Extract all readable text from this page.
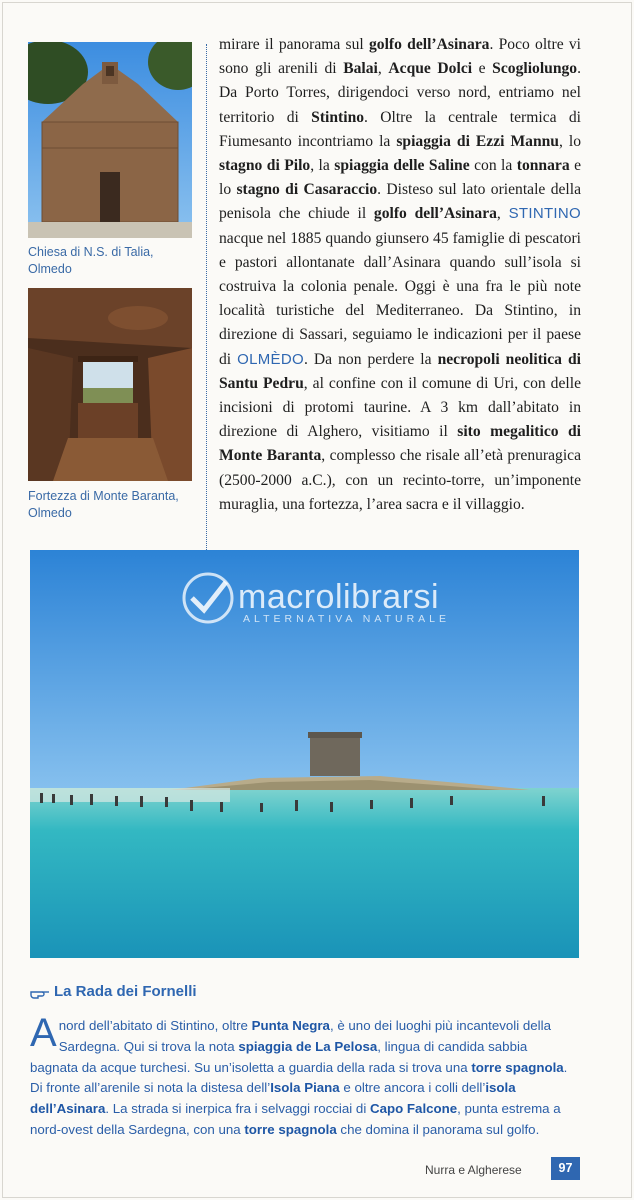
Chiesa di N.S. di Talia, Olmedo
Fortezza di Monte Baranta, Olmedo
mirare il panorama sul golfo dell’Asinara. Poco oltre vi sono gli arenili di Balai, Acque Dolci e Scogliolungo. Da Porto Torres, dirigendoci verso nord, entriamo nel territorio di Stintino. Oltre la centrale termica di Fiumesanto incontriamo la spiaggia di Ezzi Mannu, lo stagno di Pilo, la spiaggia delle Saline con la tonnara e lo stagno di Casaraccio. Disteso sul lato orientale della penisola che chiude il golfo dell’Asinara, STINTINO nacque nel 1885 quando giunsero 45 famiglie di pescatori e pastori allontanate dall’Asinara quando sull’isola si costruiva la colonia penale. Oggi è una fra le più note località turistiche del Mediterraneo. Da Stintino, in direzione di Sassari, seguiamo le indicazioni per il paese di OLMÈDO. Da non perdere la necropoli neolitica di Santu Pedru, al confine con il comune di Uri, con delle incisioni di protomi taurine. A 3 km dall’abitato in direzione di Alghero, visitiamo il sito megalitico di Monte Baranta, complesso che risale all’età prenuragica (2500-2000 a.C.), con un recinto-torre, un’imponente muraglia, una fortezza, l’area sacra e il villaggio.
macrolibrarsi
ALTERNATIVA NATURALE
La Rada dei Fornelli
A nord dell’abitato di Stintino, oltre Punta Negra, è uno dei luoghi più incantevoli della Sardegna. Qui si trova la nota spiaggia de La Pelosa, lingua di candida sabbia bagnata da acque turchesi. Su un’isoletta a guardia della rada si trova una torre spagnola. Di fronte all’arenile si nota la distesa dell’Isola Piana e oltre ancora i colli dell’isola dell’Asinara. La strada si inerpica fra i selvaggi rocciai di Capo Falcone, punta estrema a nord-ovest della Sardegna, con una torre spagnola che domina il panorama sul golfo.
Nurra e Algherese	97
